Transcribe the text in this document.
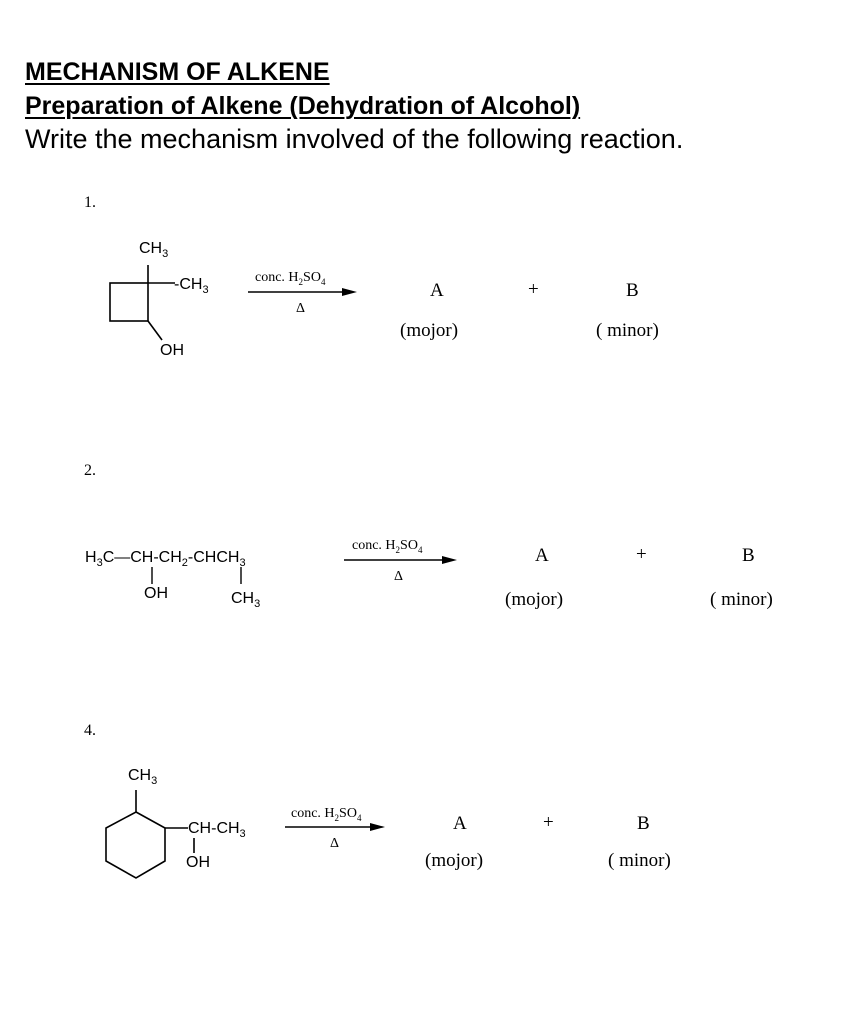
MECHANISM OF ALKENE
Preparation of Alkene (Dehydration of Alcohol)
Write the mechanism involved of the following reaction.
1.
$CH_3$
$-CH_3$
OH
conc. $H_2SO_4$
Δ
A	+	B
(mojor)	( minor)
2.
$H_3C—CH-CH_2-CHCH_3$
OH	$CH_3$
conc. $H_2SO_4$
Δ
A	+	B
(mojor)	( minor)
4.
$CH_3$
$CH-CH_3$
OH
conc. $H_2SO_4$
Δ
A	+	B
(mojor)	( minor)
